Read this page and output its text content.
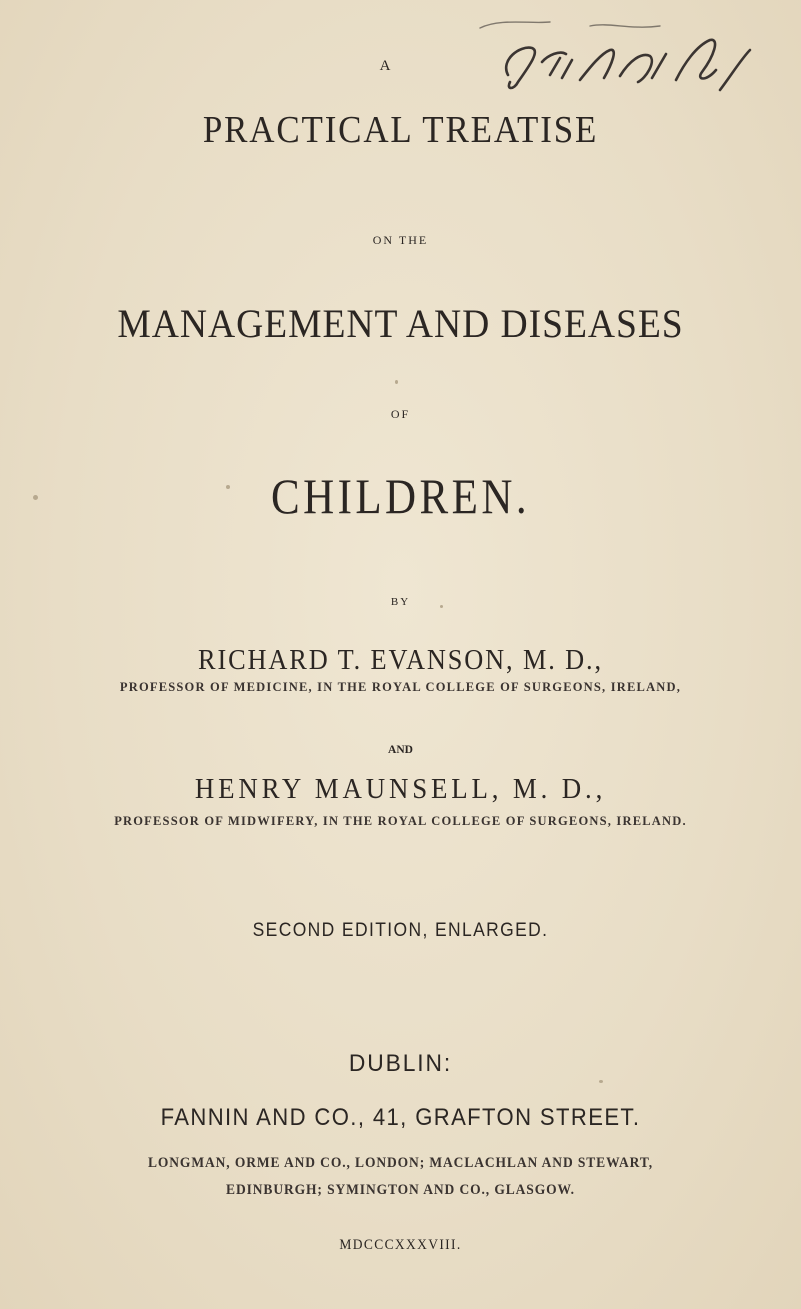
A
PRACTICAL TREATISE
ON THE
MANAGEMENT AND DISEASES
OF
CHILDREN.
BY
RICHARD T. EVANSON, M. D.,
PROFESSOR OF MEDICINE, IN THE ROYAL COLLEGE OF SURGEONS, IRELAND,
AND
HENRY MAUNSELL, M. D.,
PROFESSOR OF MIDWIFERY, IN THE ROYAL COLLEGE OF SURGEONS, IRELAND.
SECOND EDITION, ENLARGED.
DUBLIN:
FANNIN AND CO., 41, GRAFTON STREET.
LONGMAN, ORME AND CO., LONDON; MACLACHLAN AND STEWART,
EDINBURGH; SYMINGTON AND CO., GLASGOW.
MDCCCXXXVIII.
